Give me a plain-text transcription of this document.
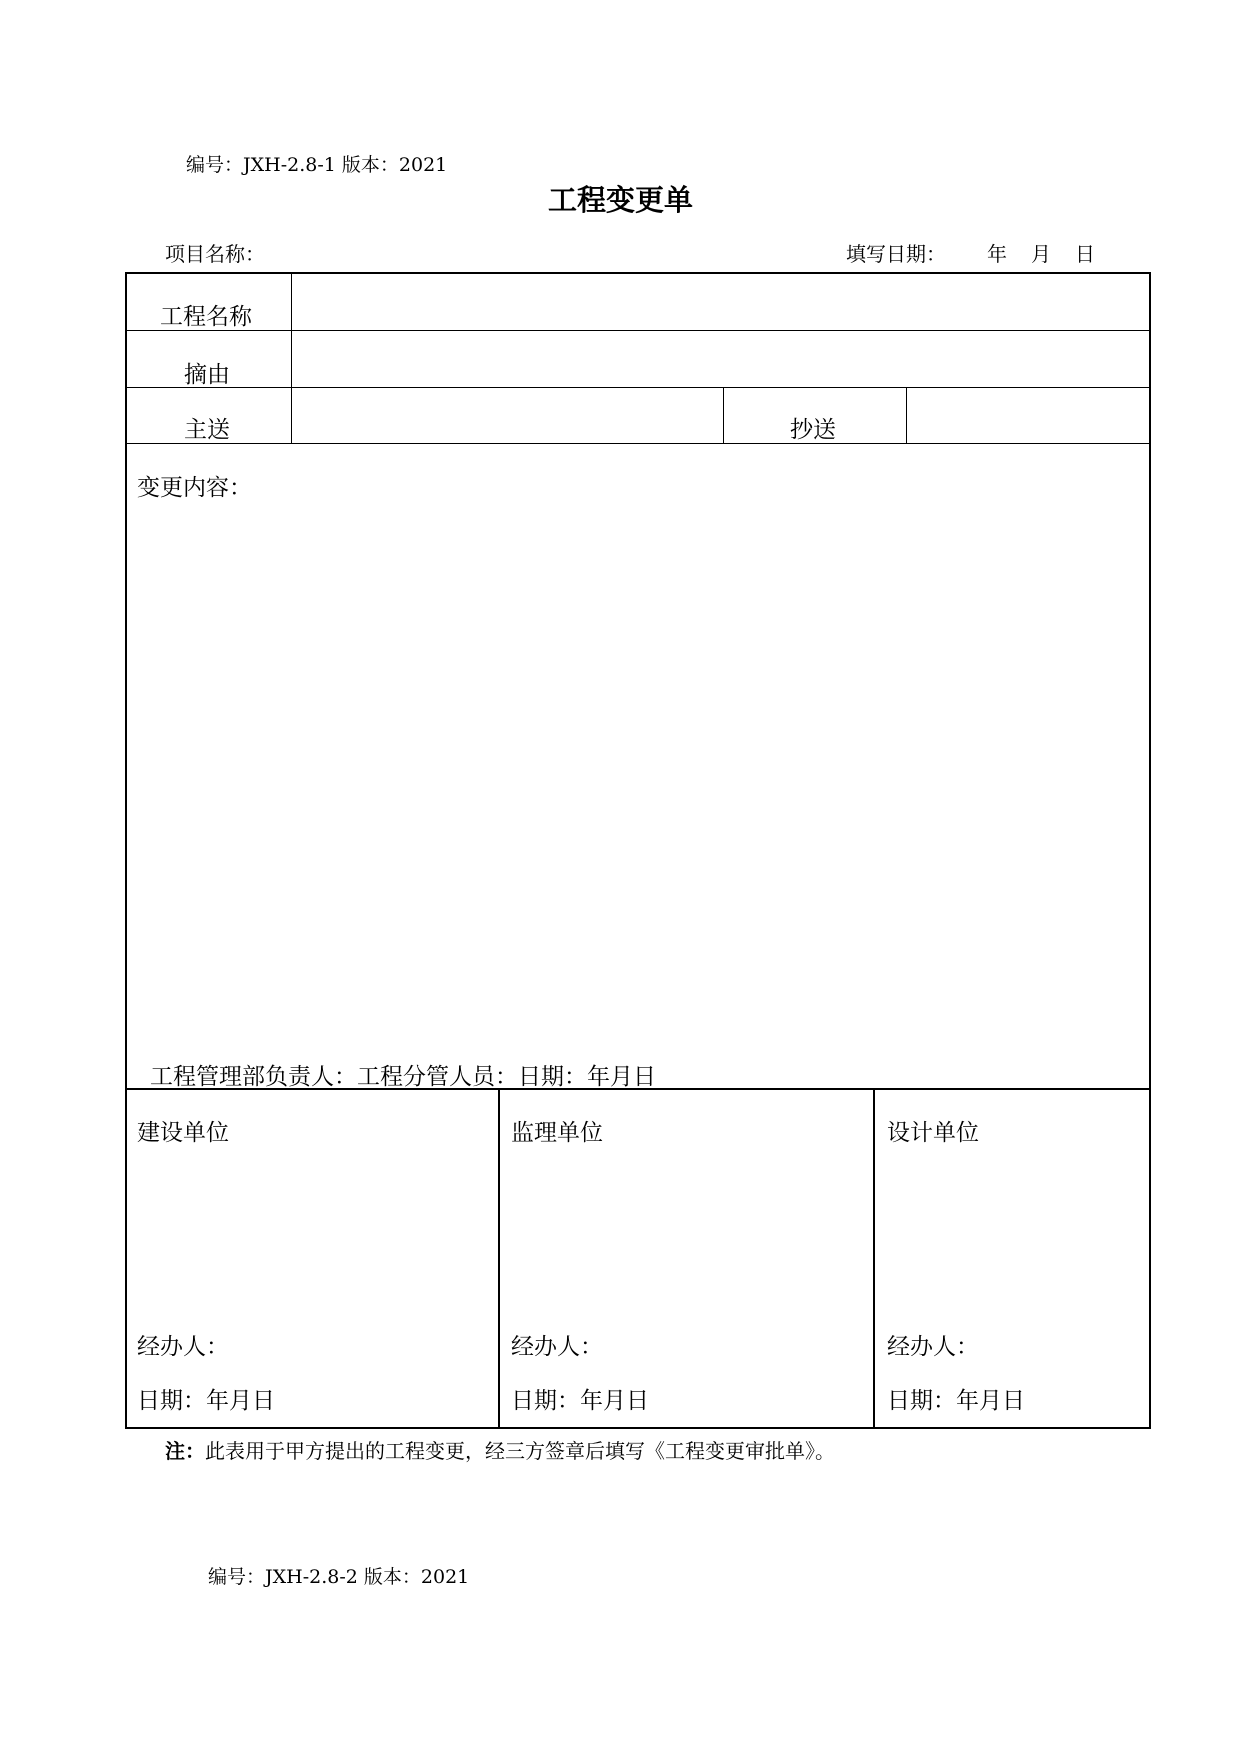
编号：JXH-2.8-1 版本：2021
工程变更单
项目名称：	填写日期： 年 月 日
工程名称
摘由
主送	抄送
变更内容：
工程管理部负责人：工程分管人员：日期：年月日
建设单位
经办人：
日期：年月日
监理单位
经办人：
日期：年月日
设计单位
经办人：
日期：年月日
注：此表用于甲方提出的工程变更，经三方签章后填写《工程变更审批单》。
编号：JXH-2.8-2 版本：2021
